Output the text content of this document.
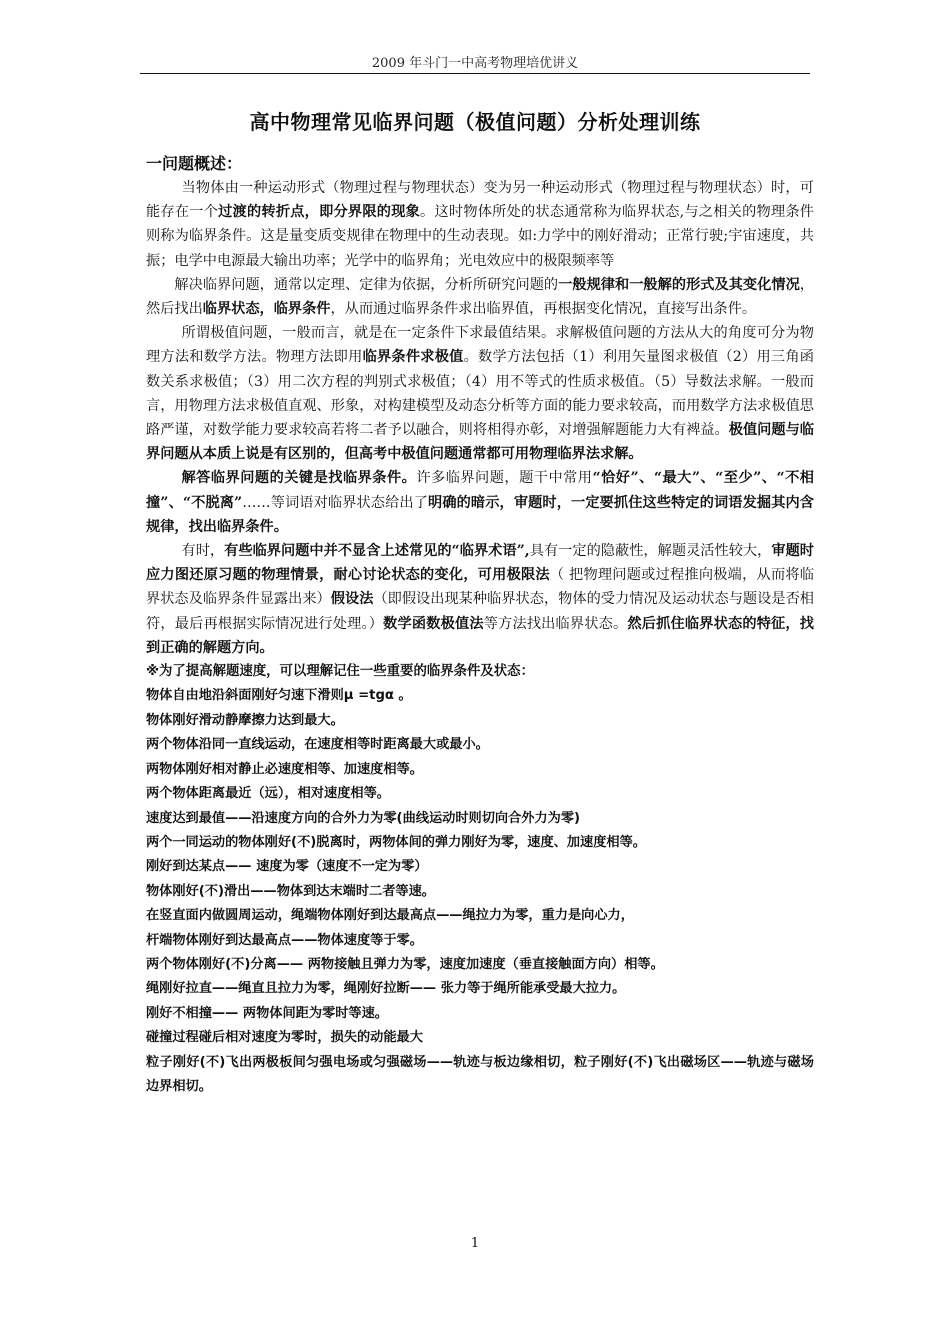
2009 年斗门一中高考物理培优讲义
高中物理常见临界问题（极值问题）分析处理训练
一问题概述：

当物体由一种运动形式（物理过程与物理状态）变为另一种运动形式（物理过程与物理状态）时，可能存在一个过渡的转折点，即分界限的现象。这时物体所处的状态通常称为临界状态,与之相关的物理条件则称为临界条件。这是量变质变规律在物理中的生动表现。如:力学中的刚好滑动；正常行驶;宇宙速度，共振；电学中电源最大输出功率；光学中的临界角；光电效应中的极限频率等

解决临界问题，通常以定理、定律为依据，分析所研究问题的一般规律和一般解的形式及其变化情况，然后找出临界状态，临界条件，从而通过临界条件求出临界值，再根据变化情况，直接写出条件。

所谓极值问题，一般而言，就是在一定条件下求最值结果。求解极值问题的方法从大的角度可分为物理方法和数学方法。物理方法即用临界条件求极值。数学方法包括（1）利用矢量图求极值（2）用三角函数关系求极值；（3）用二次方程的判别式求极值；（4）用不等式的性质求极值。（5）导数法求解。一般而言，用物理方法求极值直观、形象，对构建模型及动态分析等方面的能力要求较高，而用数学方法求极值思路严谨，对数学能力要求较高若将二者予以融合，则将相得亦彰，对增强解题能力大有裨益。极值问题与临界问题从本质上说是有区别的，但高考中极值问题通常都可用物理临界法求解。

解答临界问题的关键是找临界条件。许多临界问题，题干中常用“恰好”、“最大”、“至少”、“不相撞”、“不脱离”……等词语对临界状态给出了明确的暗示，审题时，一定要抓住这些特定的词语发掘其内含规律，找出临界条件。

有时，有些临界问题中并不显含上述常见的“临界术语”,具有一定的隐蔽性，解题灵活性较大，审题时应力图还原习题的物理情景，耐心讨论状态的变化，可用极限法（ 把物理问题或过程推向极端，从而将临界状态及临界条件显露出来）假设法（即假设出现某种临界状态，物体的受力情况及运动状态与题设是否相符，最后再根据实际情况进行处理。）数学函数极值法等方法找出临界状态。然后抓住临界状态的特征，找到正确的解题方向。

※为了提高解题速度，可以理解记住一些重要的临界条件及状态：

物体自由地沿斜面刚好匀速下滑则μ =tgα 。

物体刚好滑动静摩擦力达到最大。

两个物体沿同一直线运动，在速度相等时距离最大或最小。

两物体刚好相对静止必速度相等、加速度相等。

两个物体距离最近（远），相对速度相等。

速度达到最值——沿速度方向的合外力为零(曲线运动时则切向合外力为零)

两个一同运动的物体刚好(不)脱离时，两物体间的弹力刚好为零，速度、加速度相等。

刚好到达某点—— 速度为零（速度不一定为零）

物体刚好(不)滑出——物体到达末端时二者等速。

在竖直面内做圆周运动，绳端物体刚好到达最高点——绳拉力为零，重力是向心力，

杆端物体刚好到达最高点——物体速度等于零。

两个物体刚好(不)分离—— 两物接触且弹力为零，速度加速度（垂直接触面方向）相等。

绳刚好拉直——绳直且拉力为零，绳刚好拉断—— 张力等于绳所能承受最大拉力。

刚好不相撞—— 两物体间距为零时等速。

碰撞过程碰后相对速度为零时，损失的动能最大

粒子刚好(不)飞出两极板间匀强电场或匀强磁场——轨迹与板边缘相切，粒子刚好(不)飞出磁场区——轨迹与磁场边界相切。

1
